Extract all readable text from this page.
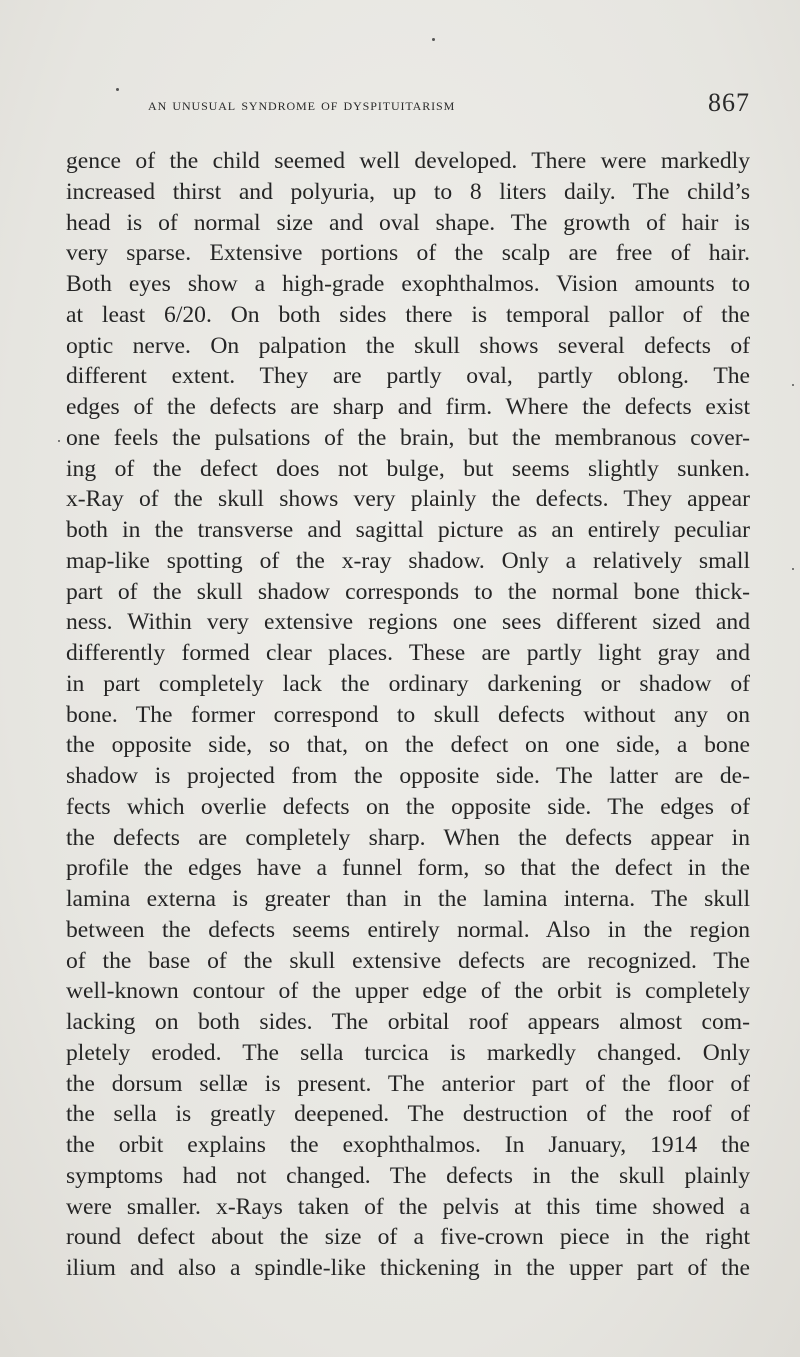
an unusual syndrome of dyspituitarism	867
gence of the child seemed well developed. There were markedly
increased thirst and polyuria, up to 8 liters daily. The child’s
head is of normal size and oval shape. The growth of hair is
very sparse. Extensive portions of the scalp are free of hair.
Both eyes show a high-grade exophthalmos. Vision amounts to
at least 6/20. On both sides there is temporal pallor of the
optic nerve. On palpation the skull shows several defects of
different extent. They are partly oval, partly oblong. The
edges of the defects are sharp and firm. Where the defects exist
one feels the pulsations of the brain, but the membranous cover-
ing of the defect does not bulge, but seems slightly sunken.
x-Ray of the skull shows very plainly the defects. They appear
both in the transverse and sagittal picture as an entirely peculiar
map-like spotting of the x-ray shadow. Only a relatively small
part of the skull shadow corresponds to the normal bone thick-
ness. Within very extensive regions one sees different sized and
differently formed clear places. These are partly light gray and
in part completely lack the ordinary darkening or shadow of
bone. The former correspond to skull defects without any on
the opposite side, so that, on the defect on one side, a bone
shadow is projected from the opposite side. The latter are de-
fects which overlie defects on the opposite side. The edges of
the defects are completely sharp. When the defects appear in
profile the edges have a funnel form, so that the defect in the
lamina externa is greater than in the lamina interna. The skull
between the defects seems entirely normal. Also in the region
of the base of the skull extensive defects are recognized. The
well-known contour of the upper edge of the orbit is completely
lacking on both sides. The orbital roof appears almost com-
pletely eroded. The sella turcica is markedly changed. Only
the dorsum sellæ is present. The anterior part of the floor of
the sella is greatly deepened. The destruction of the roof of
the orbit explains the exophthalmos. In January, 1914 the
symptoms had not changed. The defects in the skull plainly
were smaller. x-Rays taken of the pelvis at this time showed a
round defect about the size of a five-crown piece in the right
ilium and also a spindle-like thickening in the upper part of the
